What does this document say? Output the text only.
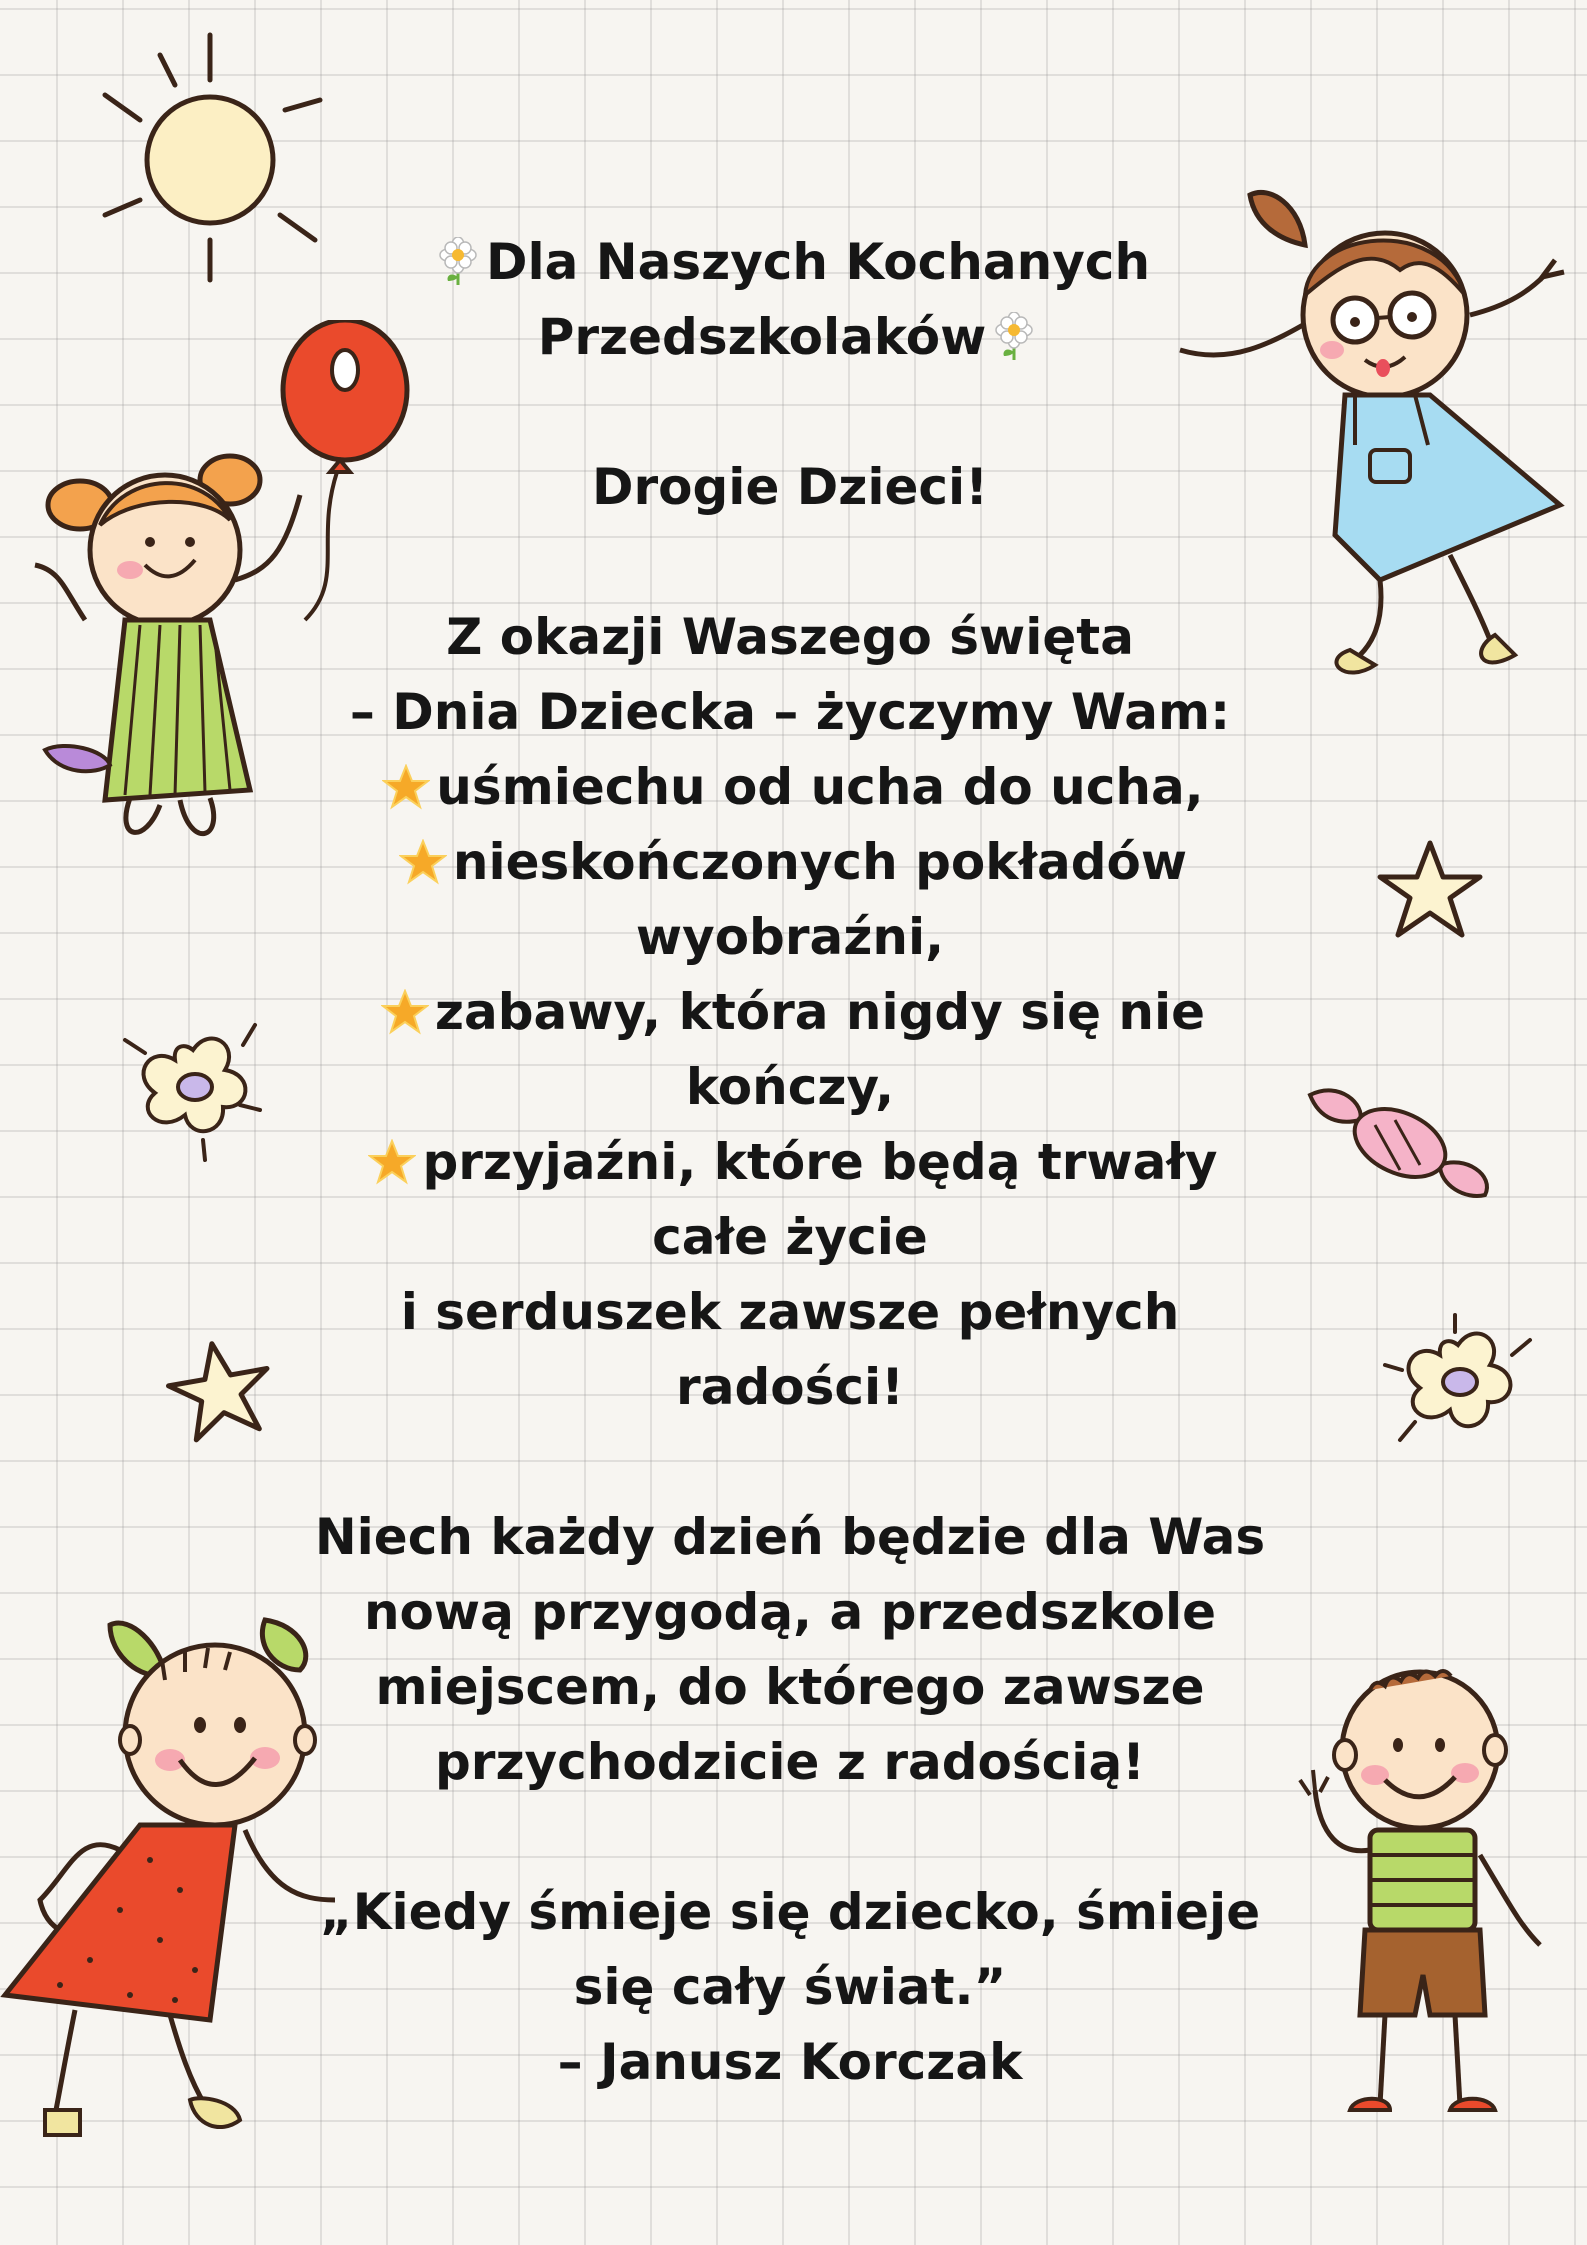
Dla Naszych Kochanych
Przedszkolaków
Drogie Dzieci!
Z okazji Waszego święta
– Dnia Dziecka – życzymy Wam:
uśmiechu od ucha do ucha,
nieskończonych pokładów
wyobraźni,
zabawy, która nigdy się nie
kończy,
przyjaźni, które będą trwały
całe życie
i serduszek zawsze pełnych
radości!
Niech każdy dzień będzie dla Was
nową przygodą, a przedszkole
miejscem, do którego zawsze
przychodzicie z radością!
„Kiedy śmieje się dziecko, śmieje
się cały świat.”
– Janusz Korczak
